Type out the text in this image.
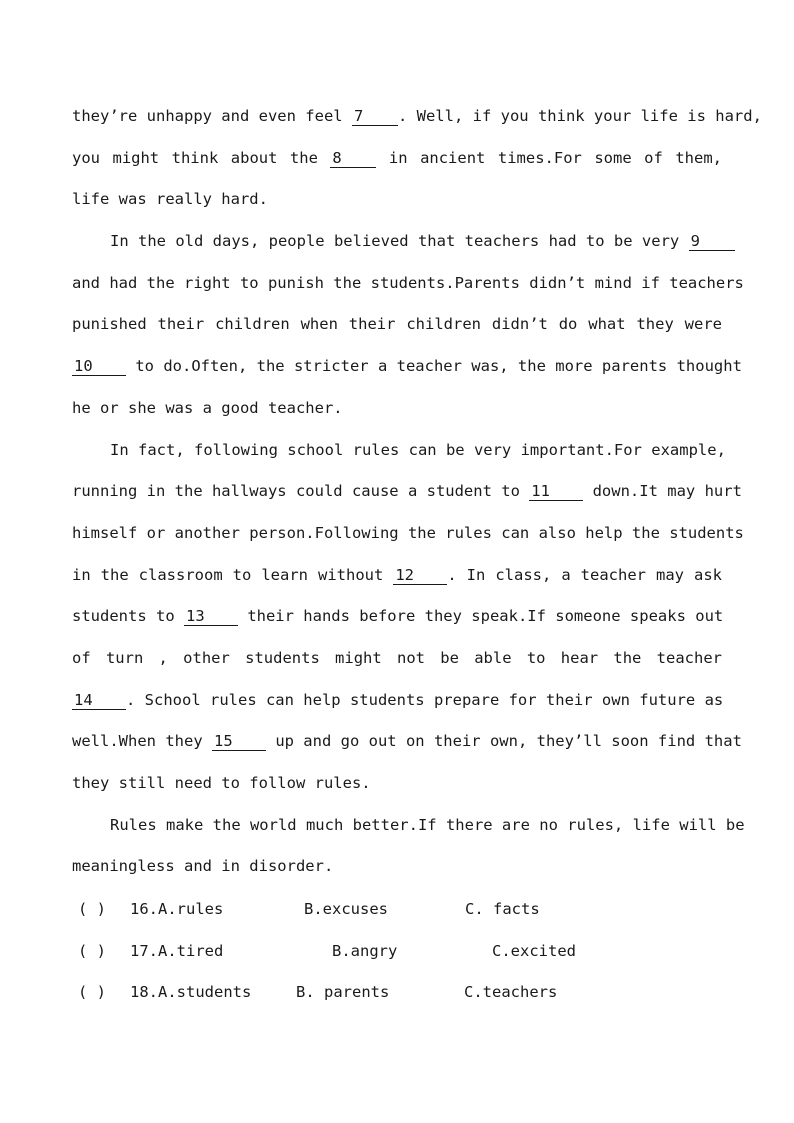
they’re unhappy and even feel 7 . Well, if you think your life is hard,
you might think about the 8 in ancient times.For some of them,
life was really hard.
In the old days, people believed that teachers had to be very 9
and had the right to punish the students.Parents didn’t mind if teachers
punished their children when their children didn’t do what they were
10 to do.Often, the stricter a teacher was, the more parents thought
he or she was a good teacher.
In fact, following school rules can be very important.For example,
running in the hallways could cause a student to 11 down.It may hurt
himself or another person.Following the rules can also help the students
in the classroom to learn without 12 . In class, a teacher may ask
students to 13 their hands before they speak.If someone speaks out
of turn , other students might not be able to hear the teacher
14 . School rules can help students prepare for their own future as
well.When they 15 up and go out on their own, they’ll soon find that
they still need to follow rules.
Rules make the world much better.If there are no rules, life will be
meaningless and in disorder.
( ) 16. A.rules	B.excuses	C. facts
( ) 17. A.tired	B.angry	C.excited
( ) 18. A.students	B. parents	C.teachers
